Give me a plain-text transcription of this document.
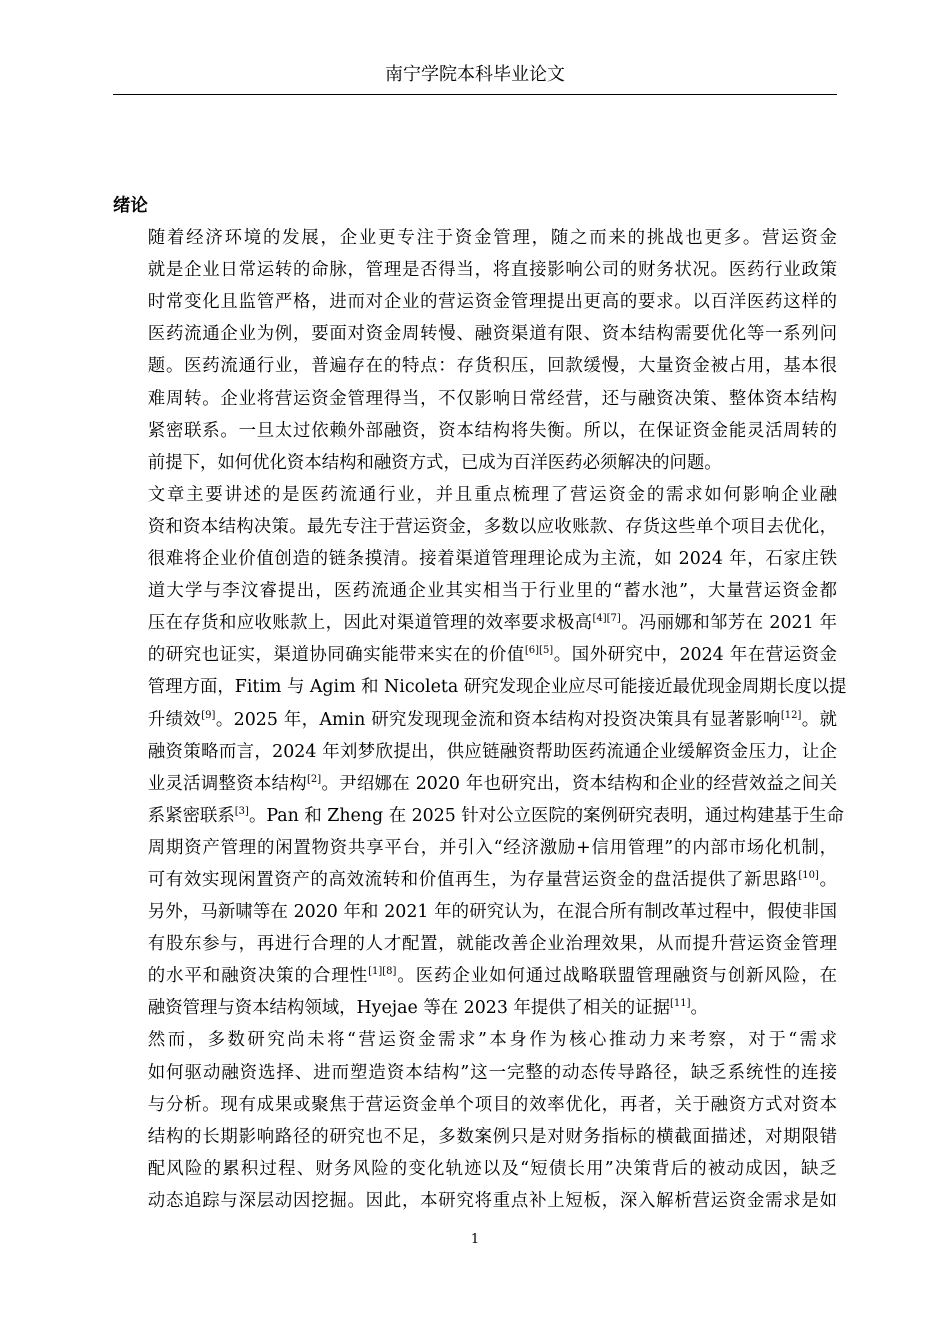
南宁学院本科毕业论文
绪论

随着经济环境的发展，企业更专注于资金管理，随之而来的挑战也更多。营运资金
就是企业日常运转的命脉，管理是否得当，将直接影响公司的财务状况。医药行业政策
时常变化且监管严格，进而对企业的营运资金管理提出更高的要求。以百洋医药这样的
医药流通企业为例，要面对资金周转慢、融资渠道有限、资本结构需要优化等一系列问
题。医药流通行业，普遍存在的特点：存货积压，回款缓慢，大量资金被占用，基本很
难周转。企业将营运资金管理得当，不仅影响日常经营，还与融资决策、整体资本结构
紧密联系。一旦太过依赖外部融资，资本结构将失衡。所以，在保证资金能灵活周转的
前提下，如何优化资本结构和融资方式，已成为百洋医药必须解决的问题。

文章主要讲述的是医药流通行业，并且重点梳理了营运资金的需求如何影响企业融
资和资本结构决策。最先专注于营运资金，多数以应收账款、存货这些单个项目去优化，
很难将企业价值创造的链条摸清。接着渠道管理理论成为主流，如 2024 年，石家庄铁
道大学与李汶睿提出，医药流通企业其实相当于行业里的“蓄水池”，大量营运资金都
压在存货和应收账款上，因此对渠道管理的效率要求极高[4][7]。冯丽娜和邹芳在 2021 年
的研究也证实，渠道协同确实能带来实在的价值[6][5]。国外研究中，2024 年在营运资金
管理方面，Fitim 与 Agim 和 Nicoleta 研究发现企业应尽可能接近最优现金周期长度以提
升绩效[9]。2025 年，Amin 研究发现现金流和资本结构对投资决策具有显著影响[12]。就
融资策略而言，2024 年刘梦欣提出，供应链融资帮助医药流通企业缓解资金压力，让企
业灵活调整资本结构[2]。尹绍娜在 2020 年也研究出，资本结构和企业的经营效益之间关
系紧密联系[3]。Pan 和 Zheng 在 2025 针对公立医院的案例研究表明，通过构建基于生命
周期资产管理的闲置物资共享平台，并引入“经济激励+信用管理”的内部市场化机制，
可有效实现闲置资产的高效流转和价值再生，为存量营运资金的盘活提供了新思路[10]。
另外，马新啸等在 2020 年和 2021 年的研究认为，在混合所有制改革过程中，假使非国
有股东参与，再进行合理的人才配置，就能改善企业治理效果，从而提升营运资金管理
的水平和融资决策的合理性[1][8]。医药企业如何通过战略联盟管理融资与创新风险，在
融资管理与资本结构领域，Hyejae 等在 2023 年提供了相关的证据[11]。

然而，多数研究尚未将“营运资金需求”本身作为核心推动力来考察，对于“需求
如何驱动融资选择、进而塑造资本结构”这一完整的动态传导路径，缺乏系统性的连接
与分析。现有成果或聚焦于营运资金单个项目的效率优化，再者，关于融资方式对资本
结构的长期影响路径的研究也不足，多数案例只是对财务指标的横截面描述，对期限错
配风险的累积过程、财务风险的变化轨迹以及“短债长用”决策背后的被动成因，缺乏
动态追踪与深层动因挖掘。因此，本研究将重点补上短板，深入解析营运资金需求是如

1
